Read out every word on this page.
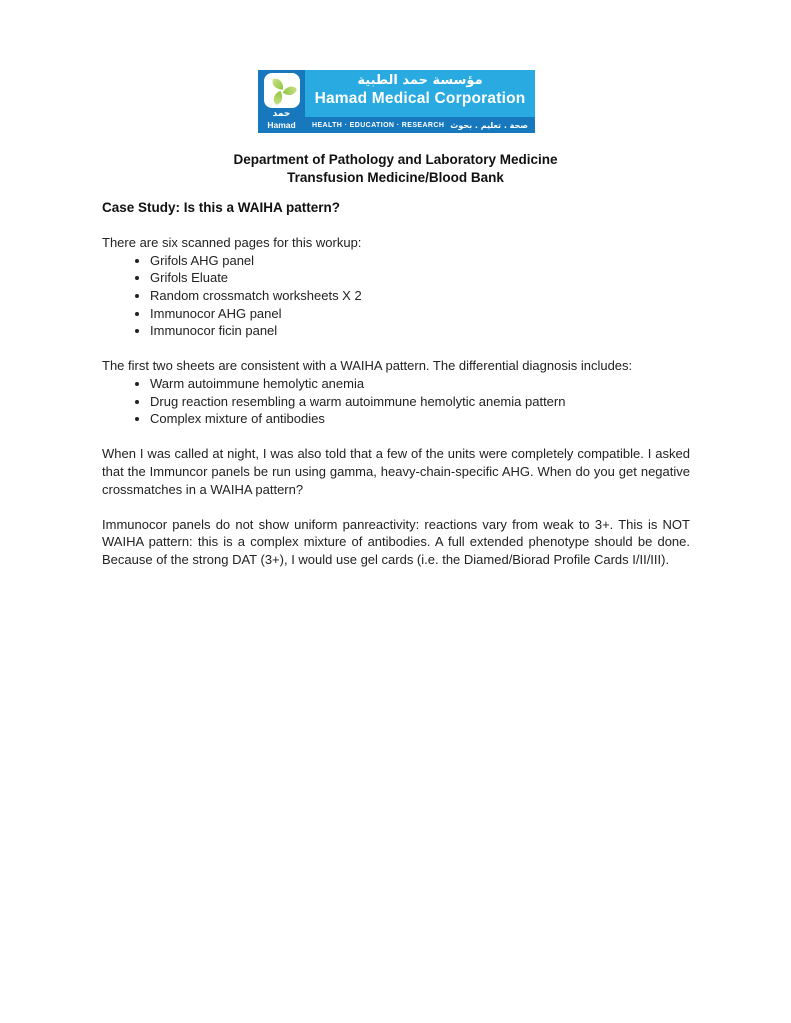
حمد
Hamad
مؤسسة حمد الطبية
Hamad Medical Corporation
HEALTH · EDUCATION · RESEARCH صحة . تعليم . بحوث
Department of Pathology and Laboratory Medicine
Transfusion Medicine/Blood Bank

Case Study: Is this a WAIHA pattern?

There are six scanned pages for this workup:

• Grifols AHG panel
• Grifols Eluate
• Random crossmatch worksheets X 2
• Immunocor AHG panel
• Immunocor ficin panel

The first two sheets are consistent with a WAIHA pattern. The differential diagnosis includes:

• Warm autoimmune hemolytic anemia
• Drug reaction resembling a warm autoimmune hemolytic anemia pattern
• Complex mixture of antibodies

When I was called at night, I was also told that a few of the units were completely compatible. I asked that the Immuncor panels be run using gamma, heavy-chain-specific AHG. When do you get negative crossmatches in a WAIHA pattern?

Immunocor panels do not show uniform panreactivity: reactions vary from weak to 3+. This is NOT WAIHA pattern: this is a complex mixture of antibodies. A full extended phenotype should be done. Because of the strong DAT (3+), I would use gel cards (i.e. the Diamed/Biorad Profile Cards I/II/III).
